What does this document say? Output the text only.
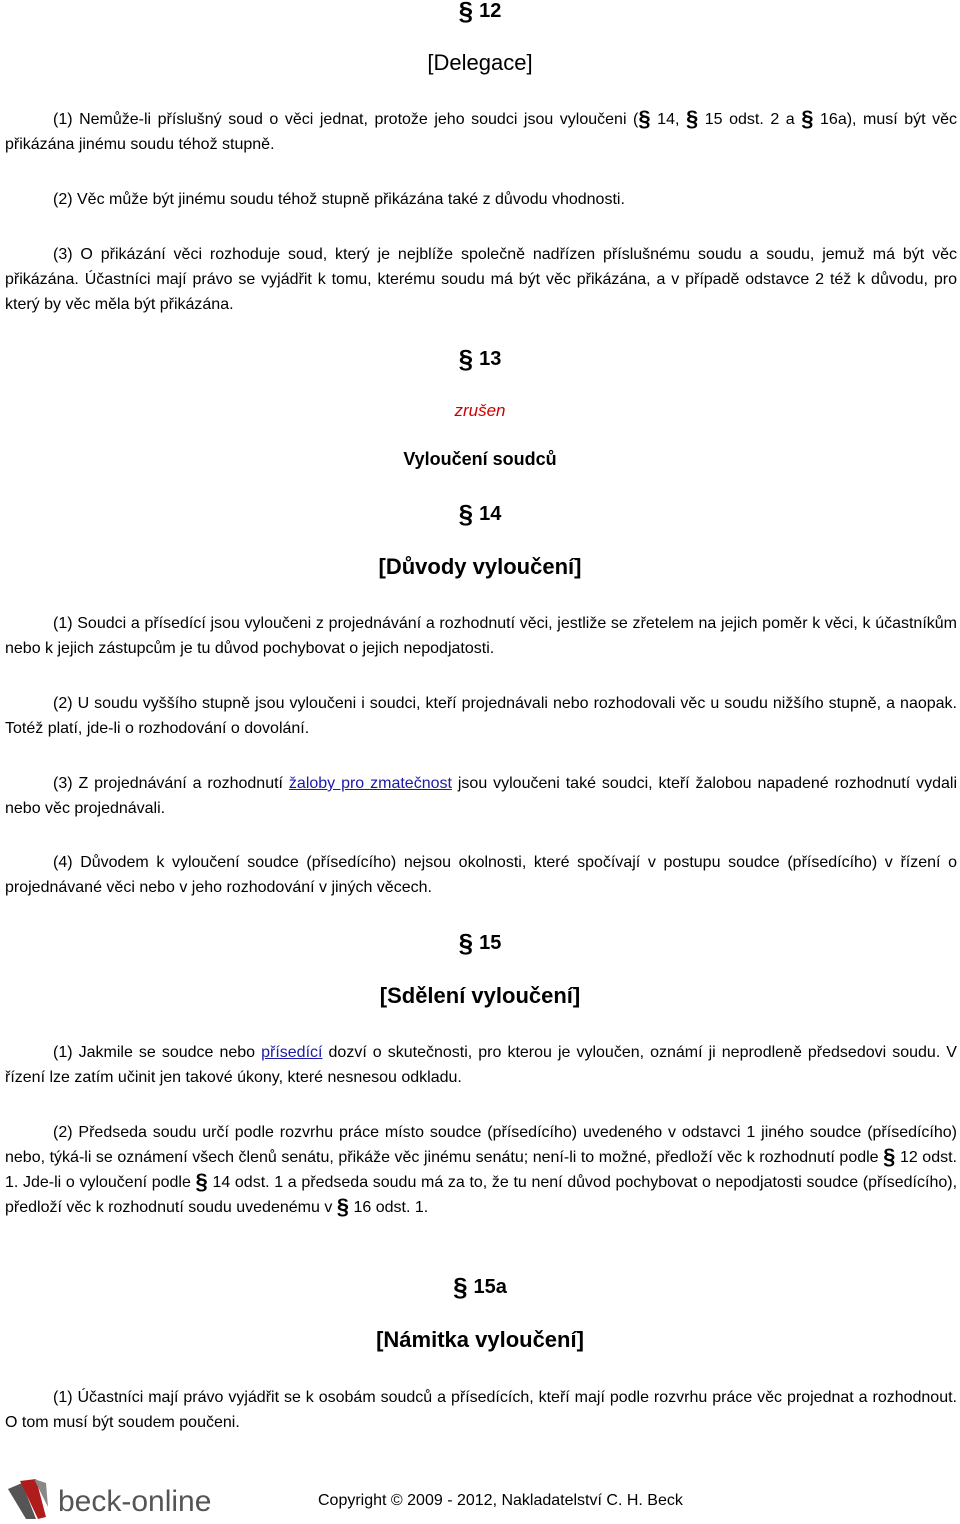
§ 12
[Delegace]

(1) Nemůže-li příslušný soud o věci jednat, protože jeho soudci jsou vyloučeni (§ 14, § 15 odst. 2 a § 16a), musí být věc přikázána jinému soudu téhož stupně.

(2) Věc může být jinému soudu téhož stupně přikázána také z důvodu vhodnosti.

(3) O přikázání věci rozhoduje soud, který je nejblíže společně nadřízen příslušnému soudu a soudu, jemuž má být věc přikázána. Účastníci mají právo se vyjádřit k tomu, kterému soudu má být věc přikázána, a v případě odstavce 2 též k důvodu, pro který by věc měla být přikázána.

§ 13
zrušen
Vyloučení soudců
§ 14
[Důvody vyloučení]

(1) Soudci a přísedící jsou vyloučeni z projednávání a rozhodnutí věci, jestliže se zřetelem na jejich poměr k věci, k účastníkům nebo k jejich zástupcům je tu důvod pochybovat o jejich nepodjatosti.

(2) U soudu vyššího stupně jsou vyloučeni i soudci, kteří projednávali nebo rozhodovali věc u soudu nižšího stupně, a naopak. Totéž platí, jde-li o rozhodování o dovolání.

(3) Z projednávání a rozhodnutí žaloby pro zmatečnost jsou vyloučeni také soudci, kteří žalobou napadené rozhodnutí vydali nebo věc projednávali.

(4) Důvodem k vyloučení soudce (přísedícího) nejsou okolnosti, které spočívají v postupu soudce (přísedícího) v řízení o projednávané věci nebo v jeho rozhodování v jiných věcech.

§ 15
[Sdělení vyloučení]

(1) Jakmile se soudce nebo přísedící dozví o skutečnosti, pro kterou je vyloučen, oznámí ji neprodleně předsedovi soudu. V řízení lze zatím učinit jen takové úkony, které nesnesou odkladu.

(2) Předseda soudu určí podle rozvrhu práce místo soudce (přísedícího) uvedeného v odstavci 1 jiného soudce (přísedícího) nebo, týká-li se oznámení všech členů senátu, přikáže věc jinému senátu; není-li to možné, předloží věc k rozhodnutí podle § 12 odst. 1. Jde-li o vyloučení podle § 14 odst. 1 a předseda soudu má za to, že tu není důvod pochybovat o nepodjatosti soudce (přísedícího), předloží věc k rozhodnutí soudu uvedenému v § 16 odst. 1.

§ 15a
[Námitka vyloučení]

(1) Účastníci mají právo vyjádřit se k osobám soudců a přísedících, kteří mají podle rozvrhu práce věc projednat a rozhodnout. O tom musí být soudem poučeni.

beck-online	Copyright © 2009 - 2012, Nakladatelství C. H. Beck
